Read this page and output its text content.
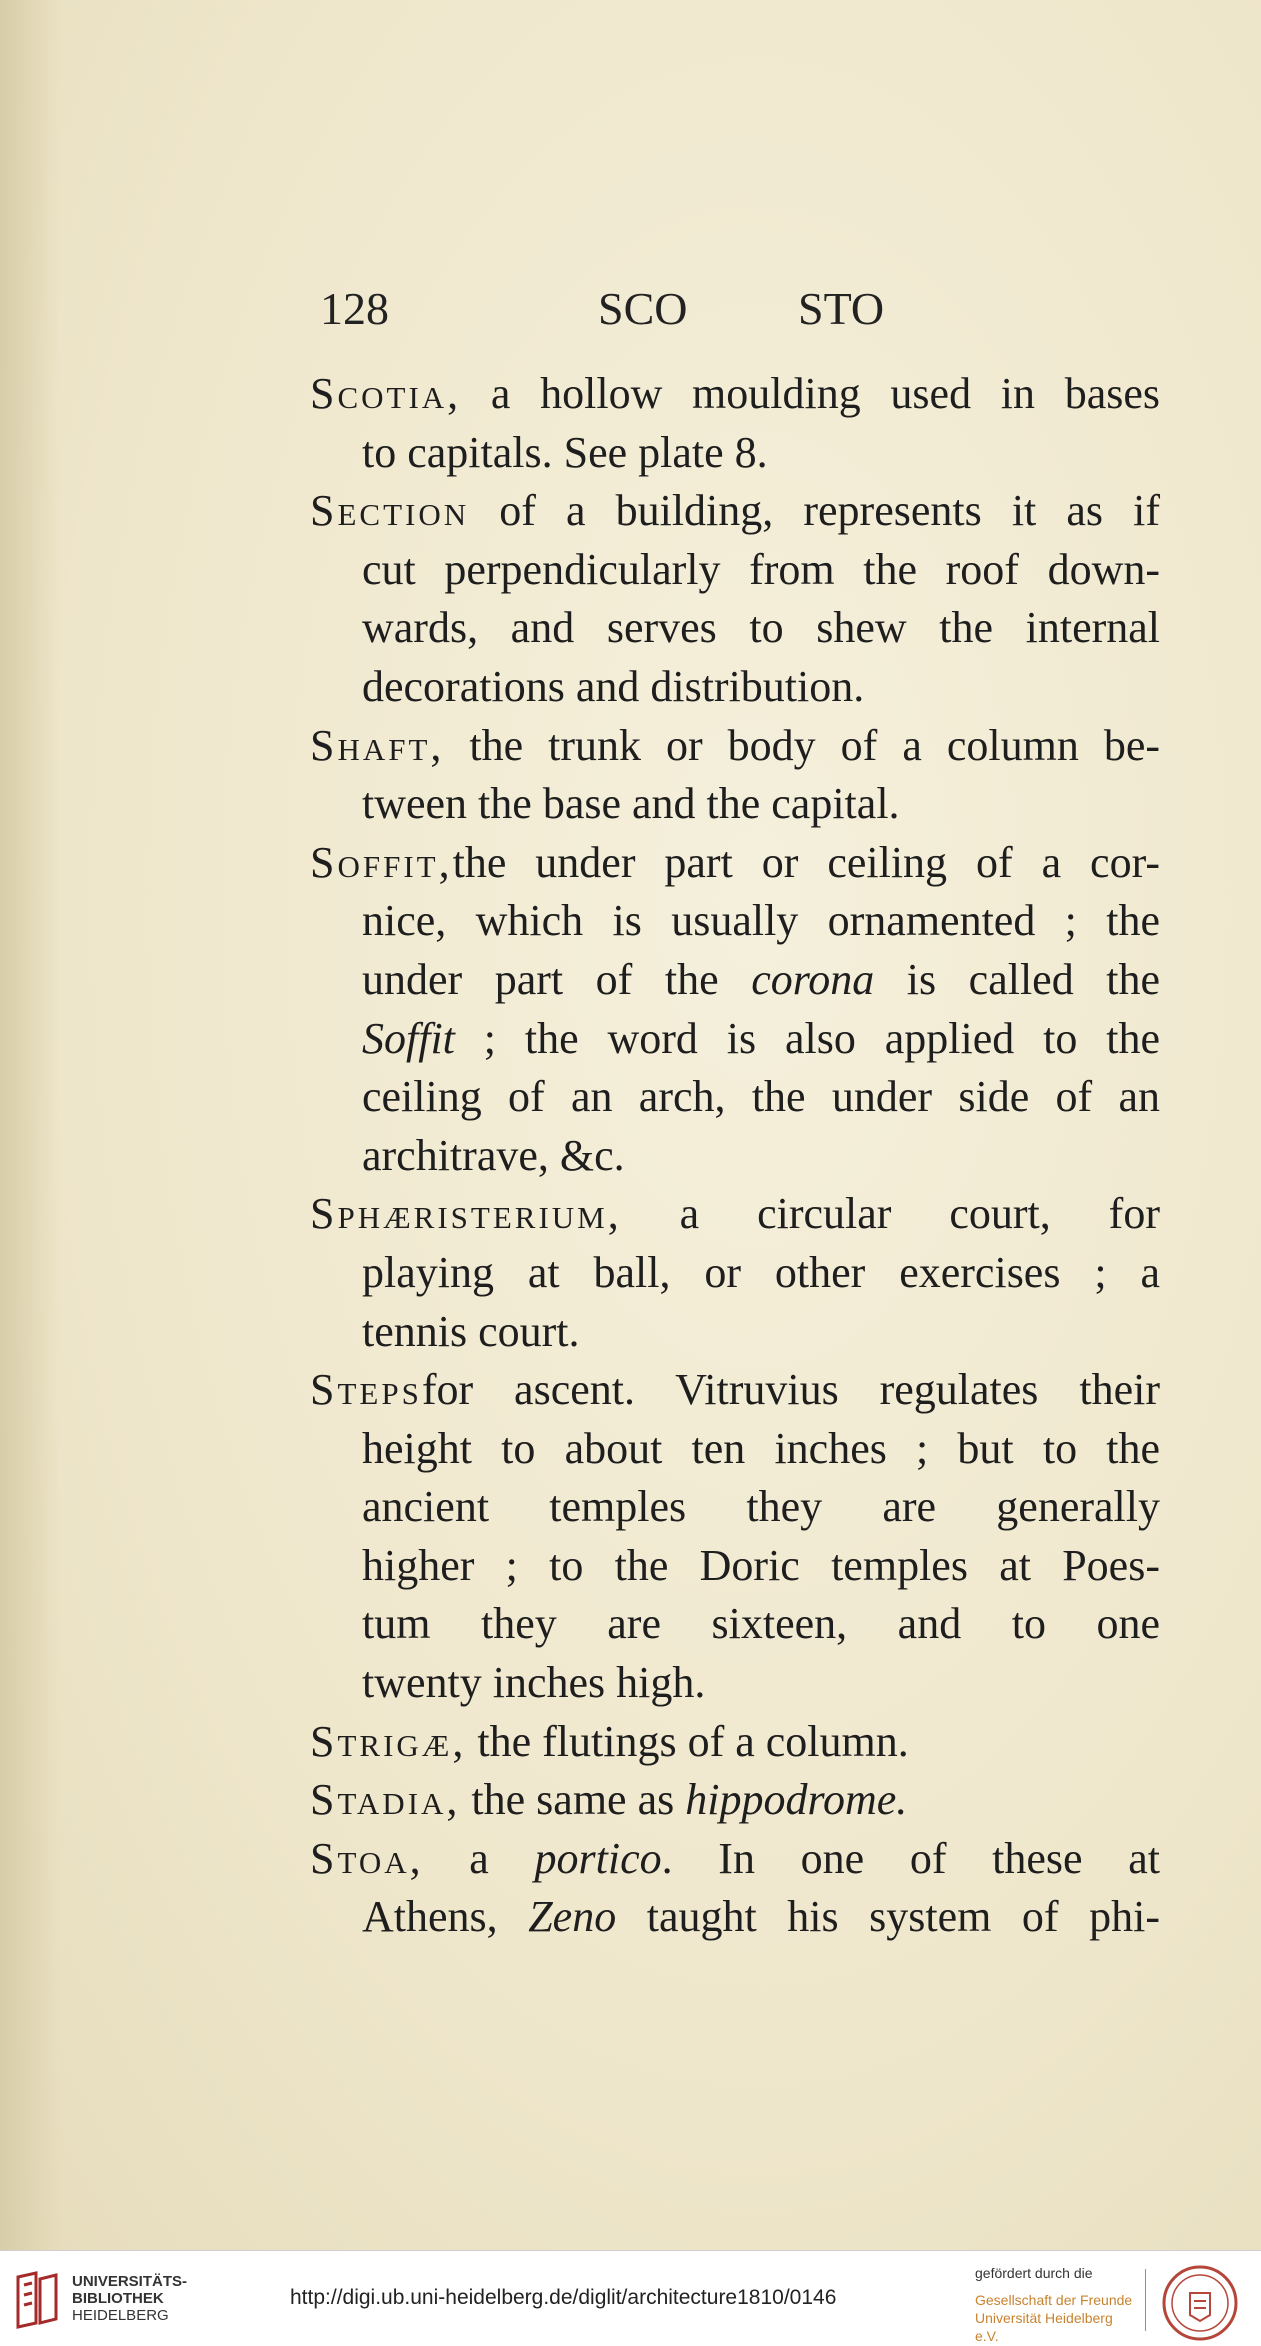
128	SCO STO
Scotia, a hollow moulding used in bases
to capitals. See plate 8.
Section of a building, represents it as if
cut perpendicularly from the roof down-
wards, and serves to shew the internal
decorations and distribution.
Shaft, the trunk or body of a column be-
tween the base and the capital.
Soffit,the under part or ceiling of a cor-
nice, which is usually ornamented ; the
under part of the corona is called the
Soffit ; the word is also applied to the
ceiling of an arch, the under side of an
architrave, &c.
Sphæristerium, a circular court, for
playing at ball, or other exercises ; a
tennis court.
Stepsfor ascent. Vitruvius regulates their
height to about ten inches ; but to the
ancient temples they are generally
higher ; to the Doric temples at Poes-
tum they are sixteen, and to one
twenty inches high.
Strigæ, the flutings of a column.
Stadia, the same as hippodrome.
Stoa, a portico. In one of these at
Athens, Zeno taught his system of phi-
UNIVERSITÄTS-
BIBLIOTHEK
HEIDELBERG
http://digi.ub.uni-heidelberg.de/diglit/architecture1810/0146
gefördert durch die
Gesellschaft der Freunde
Universität Heidelberg e.V.
